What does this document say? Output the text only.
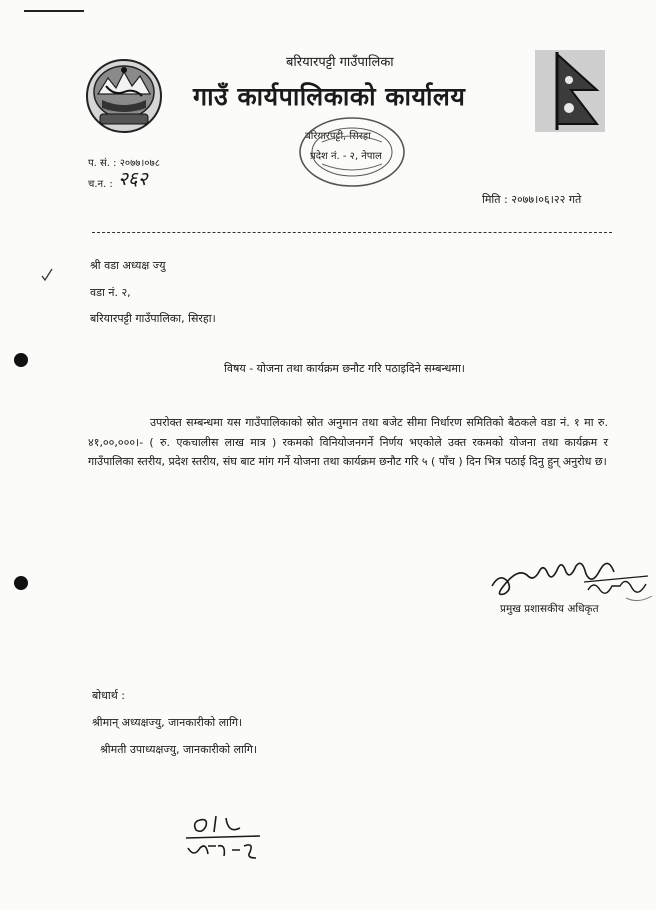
बरियारपट्टी गाउँपालिका
गाउँ कार्यपालिकाको कार्यालय
बरियारपट्टी, सिरहा
प्रदेश नं. - २, नेपाल
प. सं. : २०७७।०७८
च.न. : २६२
मिति : २०७७।०६।२२ गते
श्री वडा अध्यक्ष ज्यु
वडा नं. २,
बरियारपट्टी गाउँपालिका, सिरहा।
विषय - योजना तथा कार्यक्रम छनौट गरि पठाइदिने सम्बन्धमा।
उपरोक्त सम्बन्धमा यस गाउँपालिकाको स्रोत अनुमान तथा बजेट सीमा निर्धारण समितिको बैठकले वडा नं. १ मा रु. ४१,००,०००।- ( रु. एकचालीस लाख मात्र ) रकमको विनियोजनगर्ने निर्णय भएकोले उक्त रकमको योजना तथा कार्यक्रम र गाउँपालिका स्तरीय, प्रदेश स्तरीय, संघ बाट मांग गर्ने योजना तथा कार्यक्रम छनौट गरि ५ ( पाँच ) दिन भित्र पठाई दिनु हुन् अनुरोध छ।
प्रमुख प्रशासकीय अधिकृत
बोधार्थ :
श्रीमान् अध्यक्षज्यु, जानकारीको लागि।
श्रीमती उपाध्यक्षज्यु, जानकारीको लागि।
